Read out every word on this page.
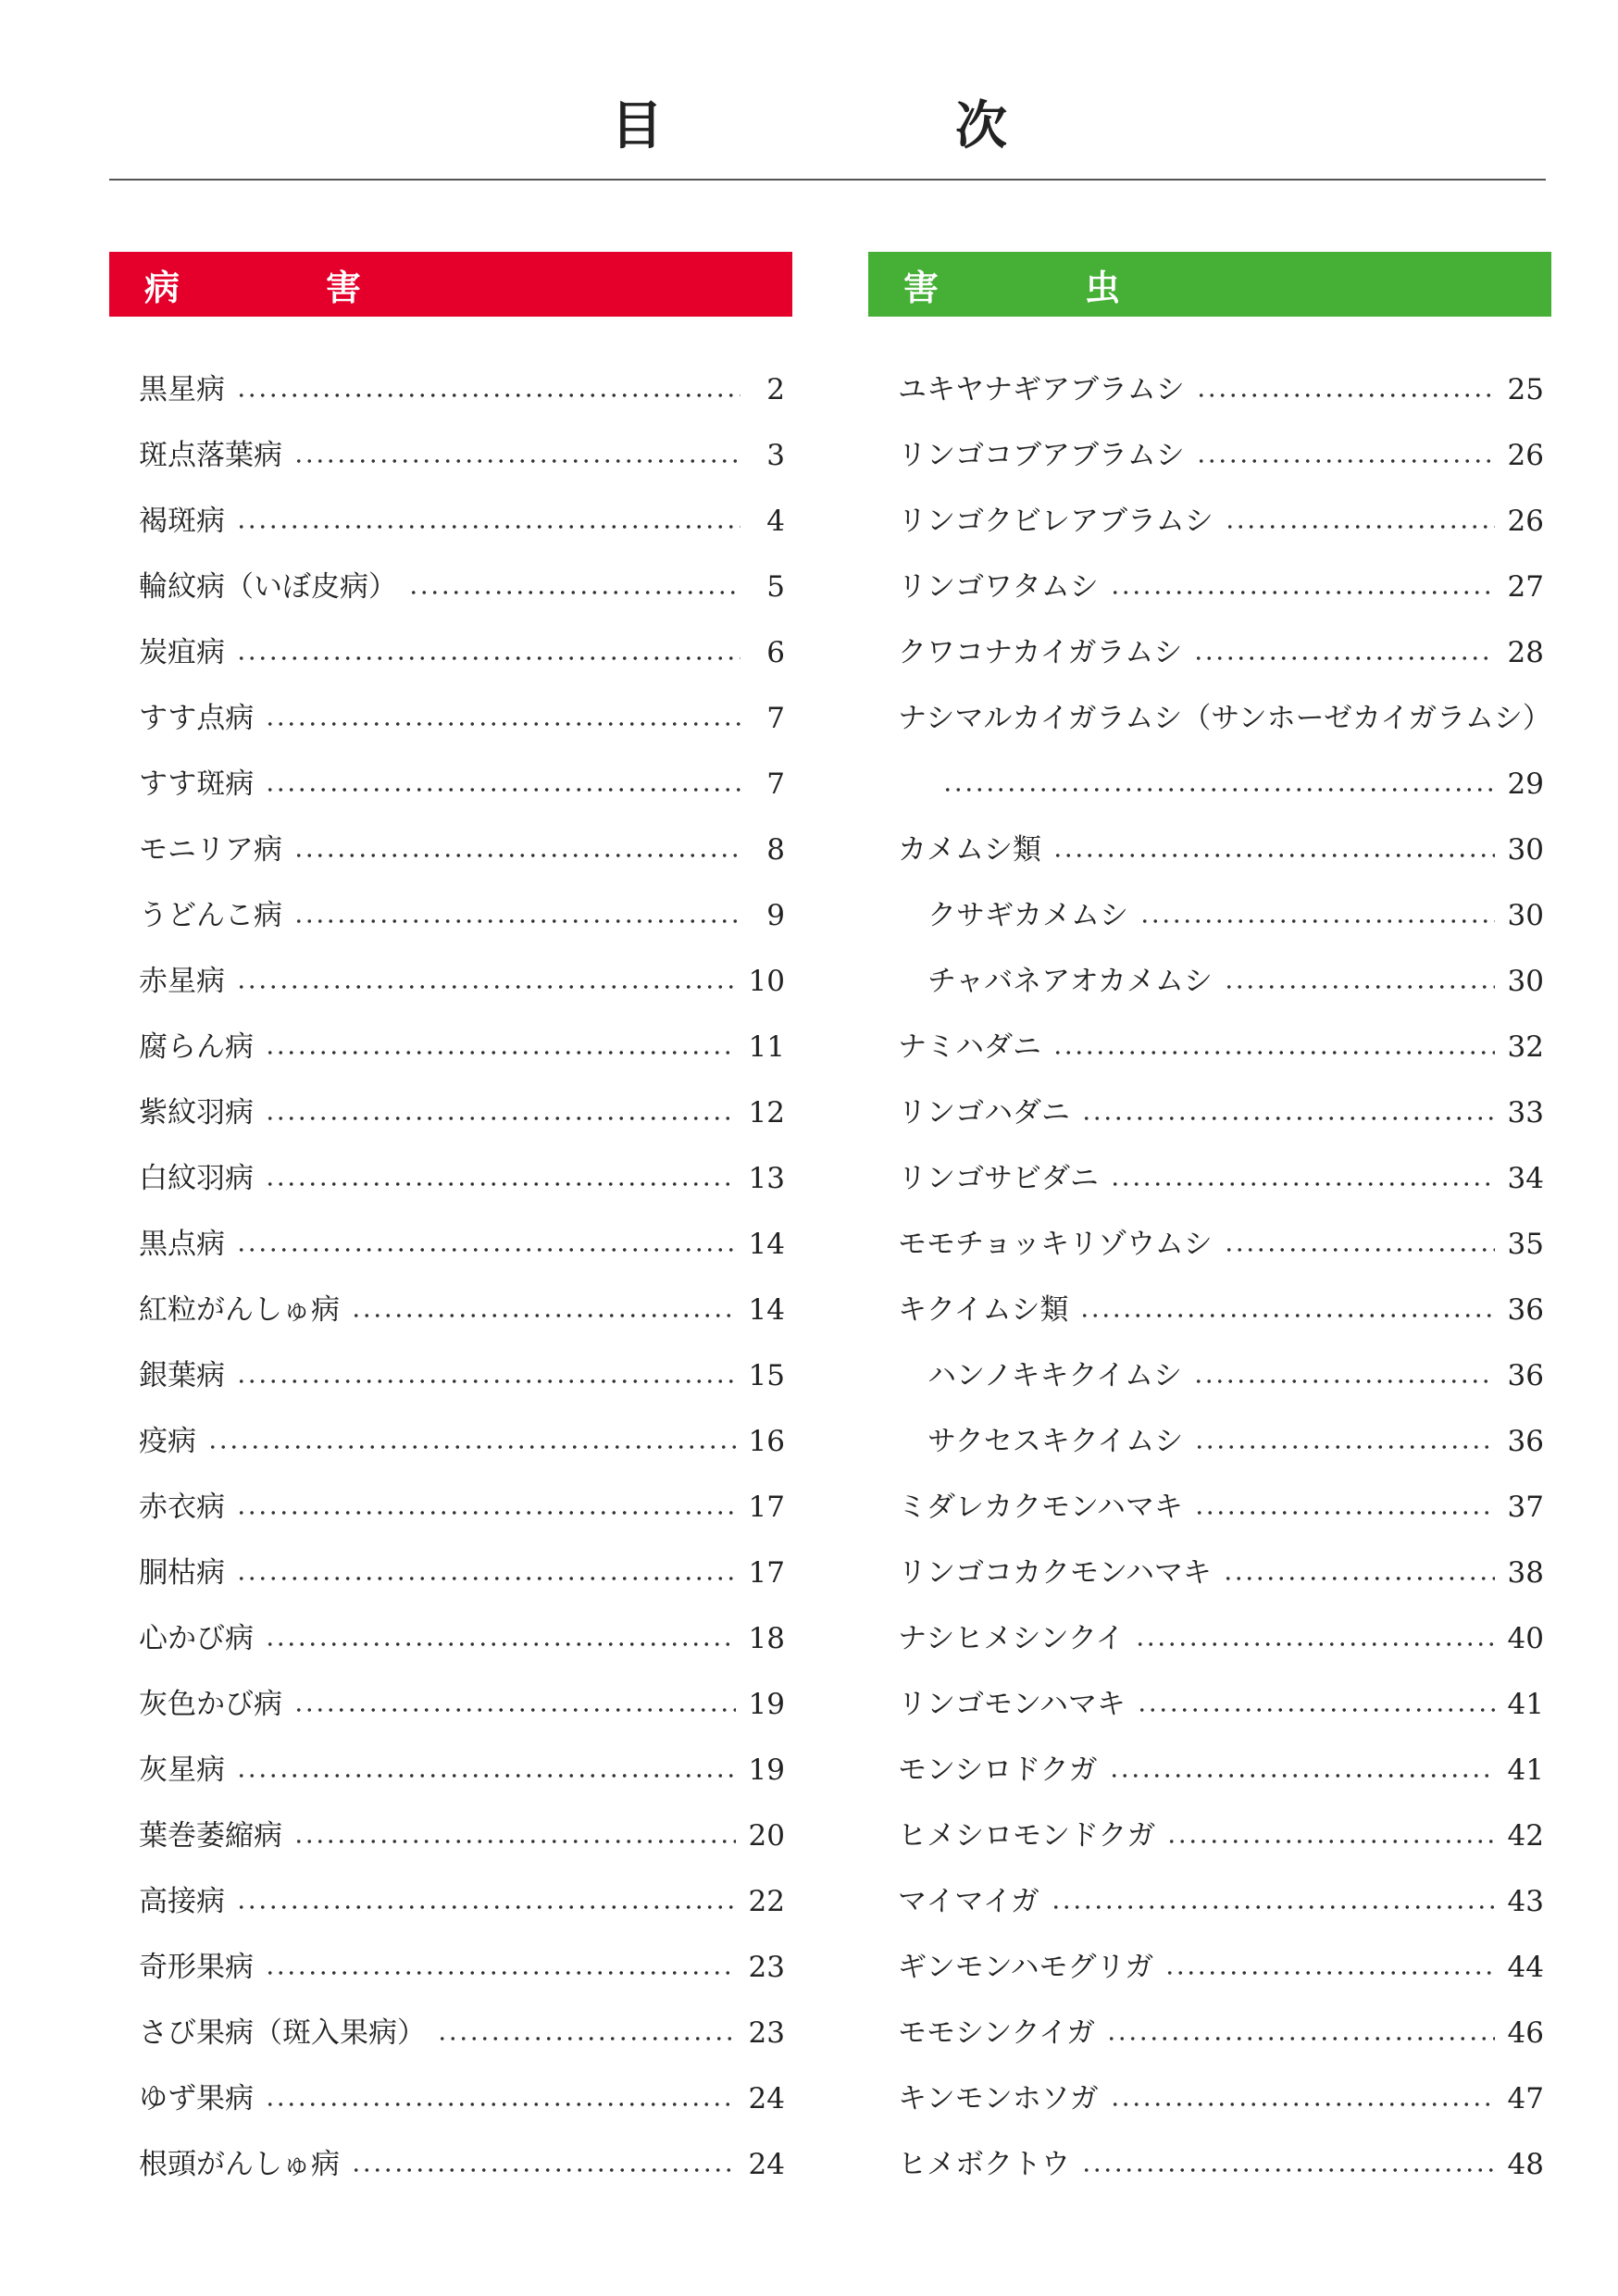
目　次
病　害
黒星病	2
斑点落葉病	3
褐斑病	4
輪紋病（いぼ皮病）	5
炭疽病	6
すす点病	7
すす斑病	7
モニリア病	8
うどんこ病	9
赤星病	10
腐らん病	11
紫紋羽病	12
白紋羽病	13
黒点病	14
紅粒がんしゅ病	14
銀葉病	15
疫病	16
赤衣病	17
胴枯病	17
心かび病	18
灰色かび病	19
灰星病	19
葉巻萎縮病	20
高接病	22
奇形果病	23
さび果病（斑入果病）	23
ゆず果病	24
根頭がんしゅ病	24
害　虫
ユキヤナギアブラムシ	25
リンゴコブアブラムシ	26
リンゴクビレアブラムシ	26
リンゴワタムシ	27
クワコナカイガラムシ	28
ナシマルカイガラムシ（サンホーゼカイガラムシ）
29
カメムシ類	30
クサギカメムシ	30
チャバネアオカメムシ	30
ナミハダニ	32
リンゴハダニ	33
リンゴサビダニ	34
モモチョッキリゾウムシ	35
キクイムシ類	36
ハンノキキクイムシ	36
サクセスキクイムシ	36
ミダレカクモンハマキ	37
リンゴコカクモンハマキ	38
ナシヒメシンクイ	40
リンゴモンハマキ	41
モンシロドクガ	41
ヒメシロモンドクガ	42
マイマイガ	43
ギンモンハモグリガ	44
モモシンクイガ	46
キンモンホソガ	47
ヒメボクトウ	48
